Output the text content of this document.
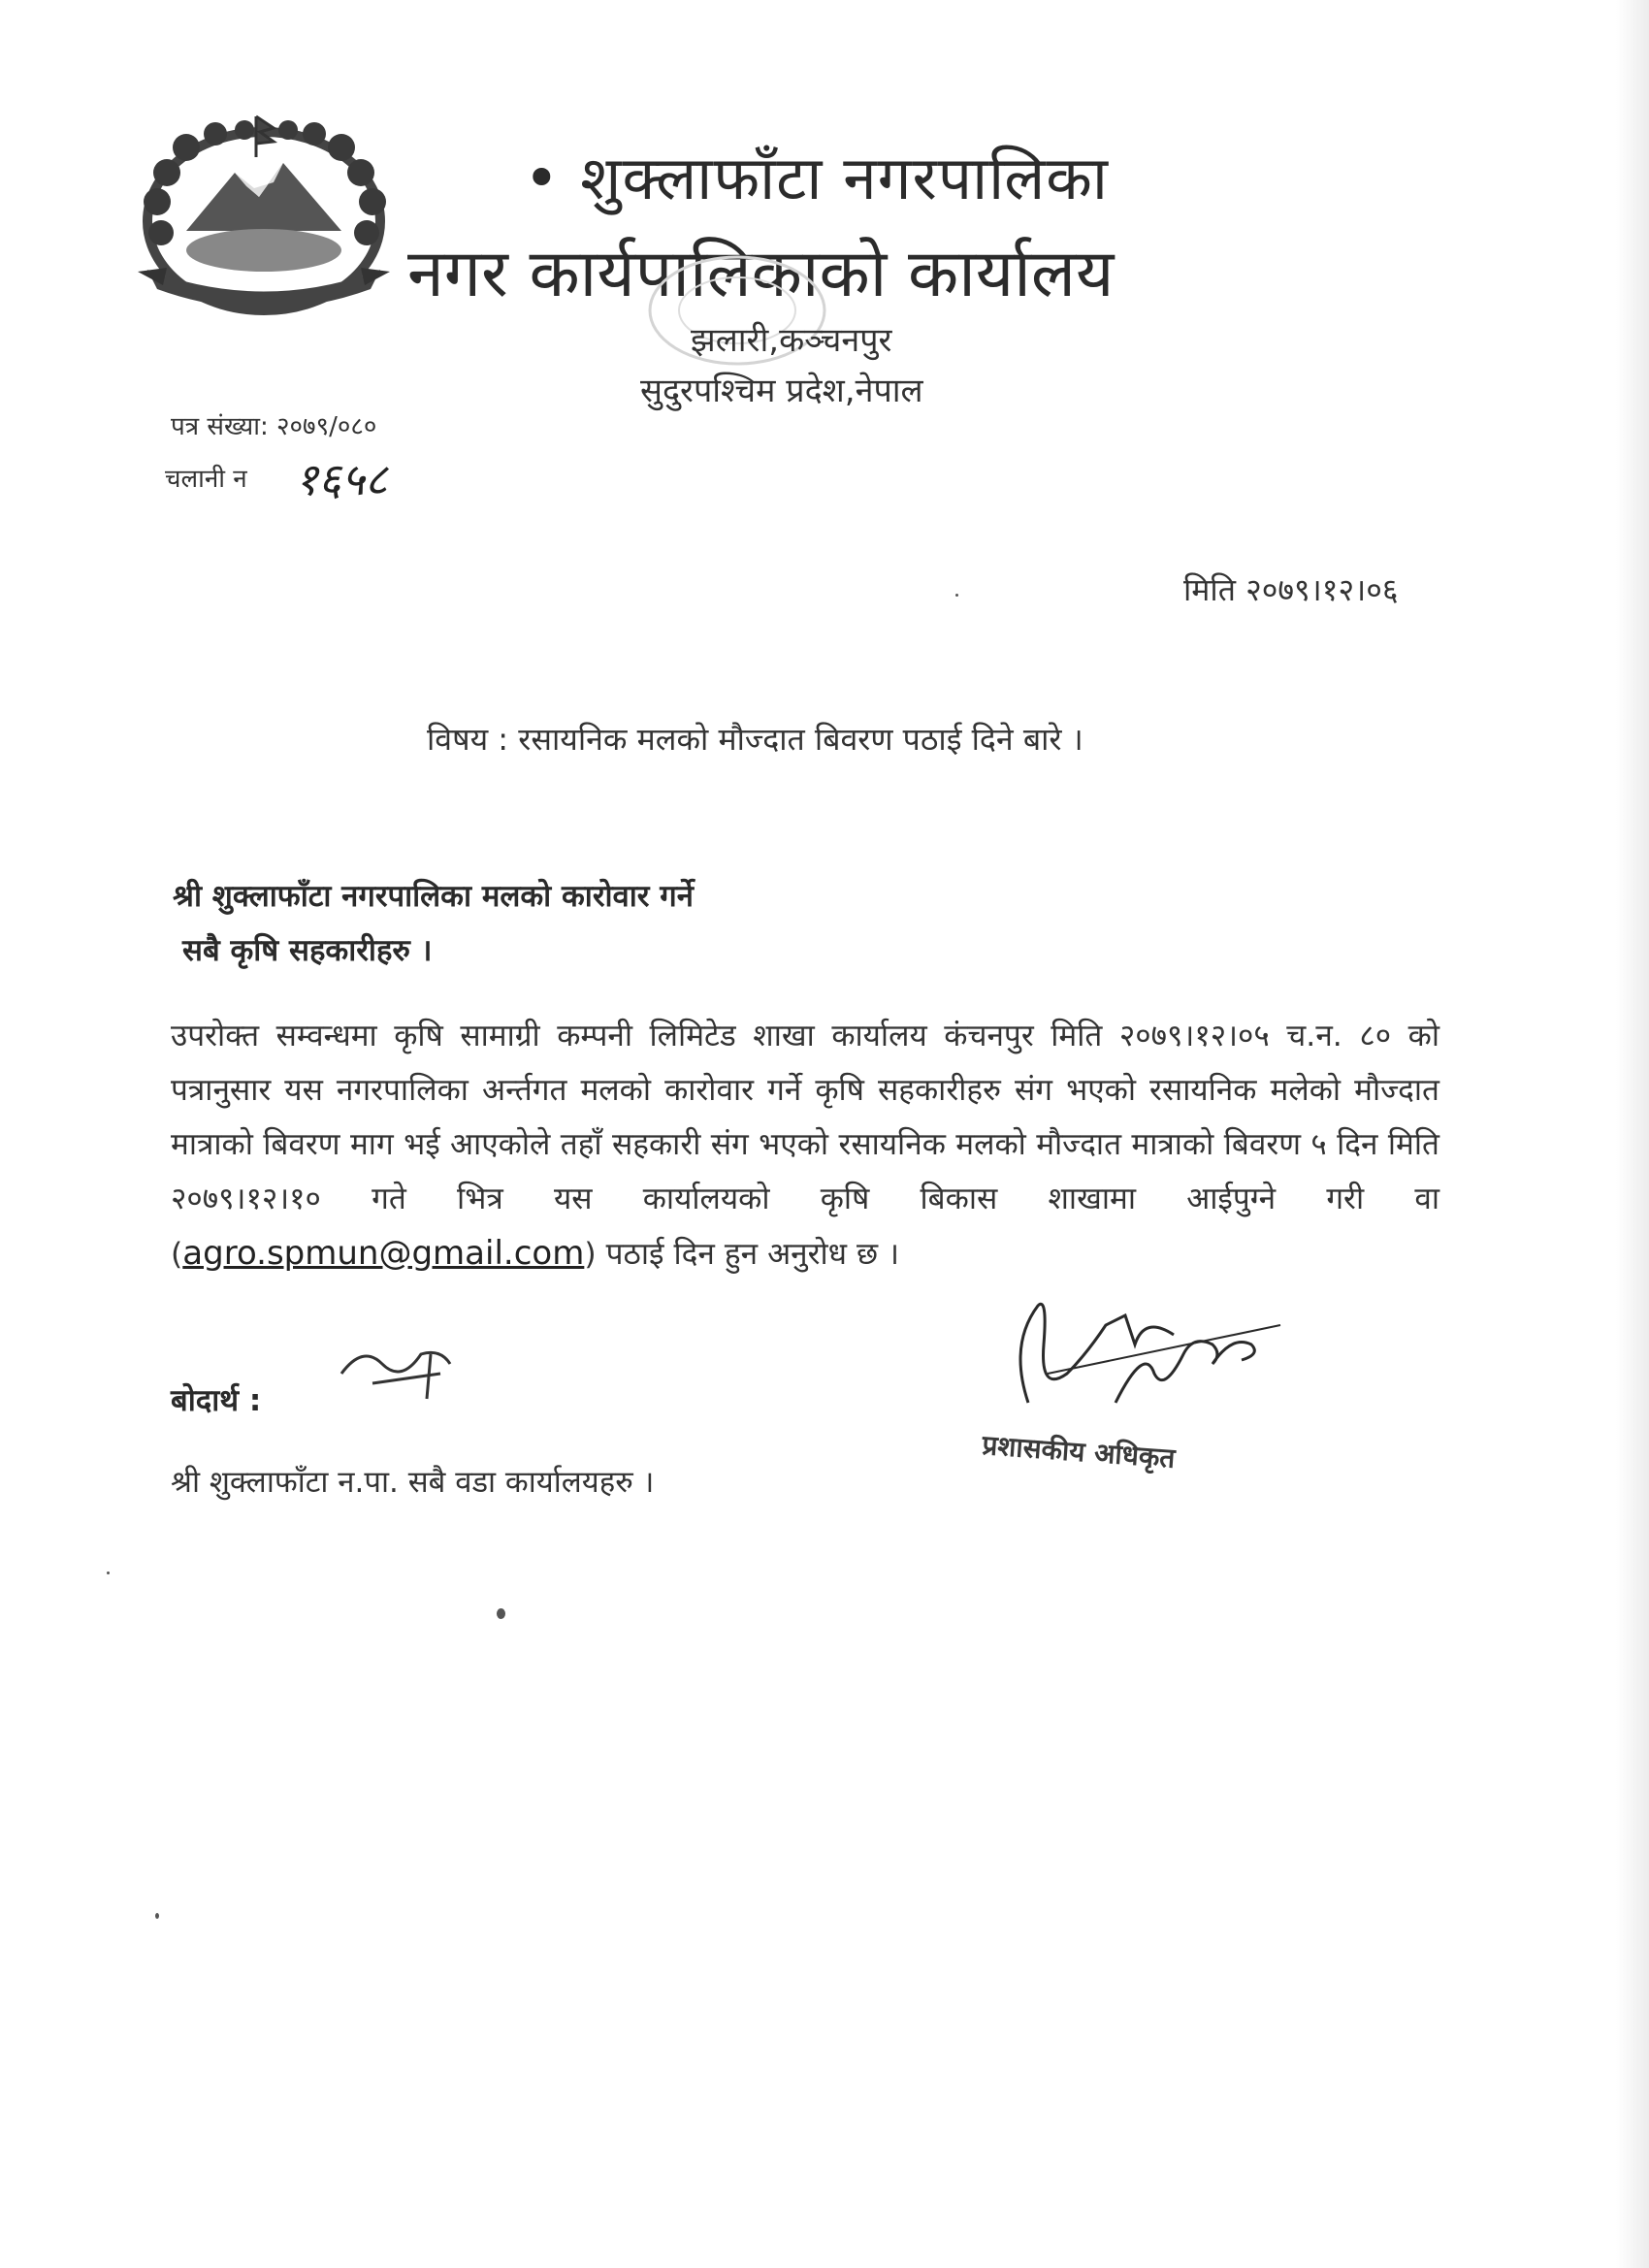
• शुक्लाफाँटा नगरपालिका
नगर कार्यपालिकाको कार्यालय
झलारी,कञ्चनपुर
सुदुरपश्चिम प्रदेश,नेपाल
पत्र संख्या: २०७९/०८०
चलानी न १६५८
मिति २०७९।१२।०६
विषय : रसायनिक मलको मौज्दात बिवरण पठाई दिने बारे ।
श्री शुक्लाफाँटा नगरपालिका मलको कारोवार गर्ने
सबै कृषि सहकारीहरु ।
उपरोक्त सम्वन्धमा कृषि सामाग्री कम्पनी लिमिटेड शाखा कार्यालय कंचनपुर मिति २०७९।१२।०५ च.न. ८० को पत्रानुसार यस नगरपालिका अर्न्तगत मलको कारोवार गर्ने कृषि सहकारीहरु संग भएको रसायनिक मलेको मौज्दात मात्राको बिवरण माग भई आएकोले तहाँ सहकारी संग भएको रसायनिक मलको मौज्दात मात्राको बिवरण ५ दिन मिति २०७९।१२।१० गते भित्र यस कार्यालयको कृषि बिकास शाखामा आईपुग्ने गरी वा (agro.spmun@gmail.com) पठाई दिन हुन अनुरोध छ ।
बोदार्थ :
प्रशासकीय अधिकृत
श्री शुक्लाफाँटा न.पा. सबै वडा कार्यालयहरु ।
